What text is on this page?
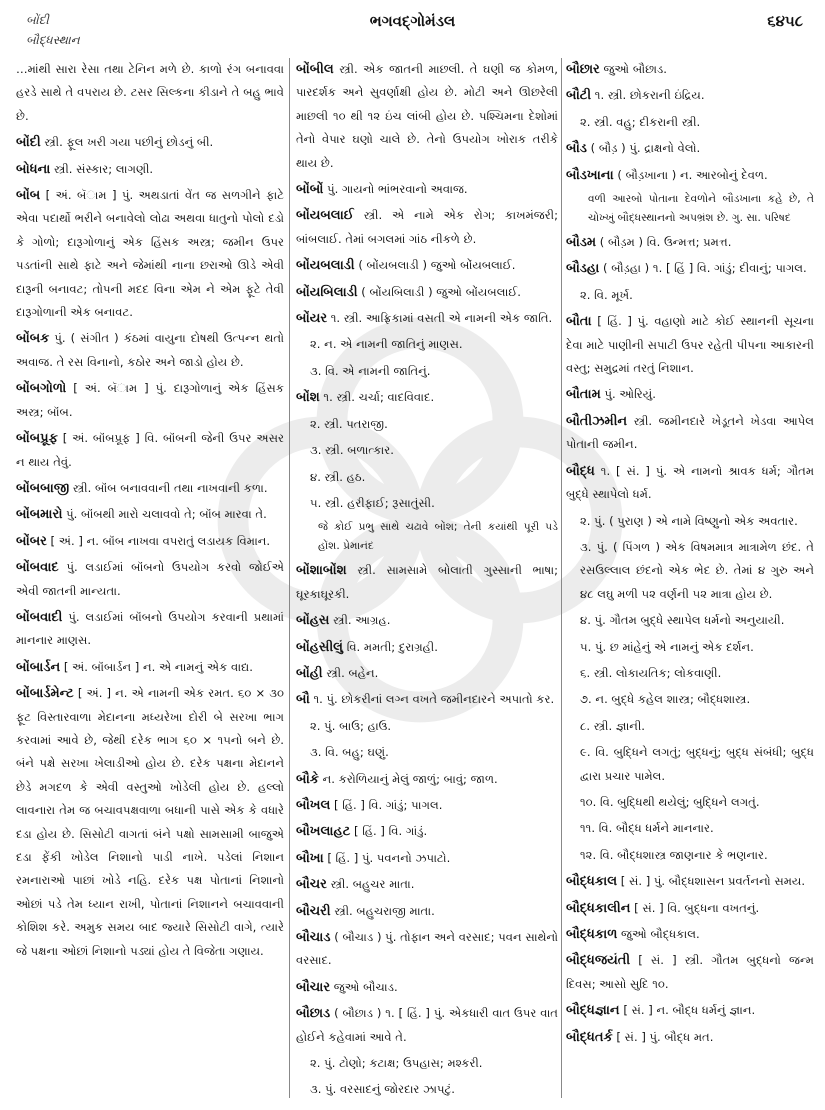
બોંદી
બૌદ્ધસ્થાન
ભગવદ્ગોમંડલ	૬૪૫૮
…માંથી સારા રેસા તથા ટેનિન મળે છે. કાળો રંગ બનાવવા હરડે સાથે તે વપરાય છે. ટસર સિલ્કના કીડાને તે બહુ ભાવે છે.
બોંદી સ્ત્રી. ફૂલ ખરી ગયા પછીનું છોડનું બી.
બોધના સ્ત્રી. સંસ્કાર; લાગણી.
બોંબ [ અં. બૅામ ] પું. અથડાતાં વેંત જ સળગીને ફાટે એવા પદાર્થો ભરીને બનાવેલો લોઢા અથવા ધાતુનો પોલો દડો કે ગોળો; દારૂગોળાનું એક હિંસક અસ્ત્ર; જમીન ઉપર પડતાંની સાથે ફાટે અને જેમાંથી નાના છરાઓ ઊડે એવી દારૂની બનાવટ; તોપની મદદ વિના એમ ને એમ ફૂટે તેવી દારૂગોળાની એક બનાવટ.
બોંબક પું. ( સંગીત ) કંઠમાં વાયુના દોષથી ઉત્પન્ન થતો અવાજ. તે રસ વિનાનો, કઠોર અને જાડો હોય છે.
બોંબગોળો [ અં. બૅામ ] પું. દારૂગોળાનું એક હિંસક અસ્ત્ર; બૉંબ.
બોંબપ્રૂફ [ અં. બૉંબપ્રૂફ ] વિ. બૉંબની જેની ઉપર અસર ન થાય તેવું.
બોંબબાજી સ્ત્રી. બૉંબ બનાવવાની તથા નાખવાની કળા.
બોંબમારો પું. બૉંબથી મારો ચલાવવો તે; બૉંબ મારવા તે.
બોંબર [ અં. ] ન. બૉંબ નાખવા વપરાતું લડાયક વિમાન.
બોંબવાદ પું. લડાઈમાં બૉંબનો ઉપયોગ કરવો જોઈએ એવી જાતની માન્યતા.
બોંબવાદી પું. લડાઈમાં બૉંબનો ઉપયોગ કરવાની પ્રથામાં માનનાર માણસ.
બોંબાર્ડન [ અં. બૉંબાર્ડન ] ન. એ નામનું એક વાદ્ય.
બોંબાર્ડમેન્ટ [ અં. ] ન. એ નામની એક રમત. ૬૦ × ૩૦ ફૂટ વિસ્તારવાળા મેદાનના મધ્યરેખા દોરી બે સરખા ભાગ કરવામાં આવે છે, જેથી દરેક ભાગ ૬૦ × ૧૫નો બને છે. બંને પક્ષે સરખા ખેલાડીઓ હોય છે. દરેક પક્ષના મેદાનને છેડે મગદળ કે એવી વસ્તુઓ ખોડેલી હોય છે. હલ્લો લાવનારા તેમ જ બચાવપક્ષવાળા બધાની પાસે એક કે વધારે દડા હોય છે. સિસોટી વાગતાં બંને પક્ષો સામસામી બાજુએ દડા ફેંકી ખોડેલ નિશાનો પાડી નાખે. પડેલાં નિશાન રમનારાઓ પાછાં ખોડે નહિ. દરેક પક્ષ પોતાનાં નિશાનો ઓછાં પડે તેમ ધ્યાન રાખી, પોતાનાં નિશાનને બચાવવાની કોશિશ કરે. અમુક સમય બાદ જ્યારે સિસોટી વાગે, ત્યારે જે પક્ષના ઓછાં નિશાનો પડ્યાં હોય તે વિજેતા ગણાય.
બોંબીલ સ્ત્રી. એક જાતની માછલી. તે ઘણી જ કોમળ, પારદર્શક અને સુવર્ણાક્ષી હોય છે. મોટી અને ઊછરેલી માછલી ૧૦ થી ૧૨ ઇંચ લાંબી હોય છે. પશ્ચિમના દેશોમાં તેનો વેપાર ઘણો ચાલે છે. તેનો ઉપયોગ ખોરાક તરીકે થાય છે.
બોંબોં પું. ગાયનો ભાંભરવાનો અવાજ.
બોંયબલાઈ સ્ત્રી. એ નામે એક રોગ; કાખમંજરી; બાંબલાઈ. તેમાં બગલમાં ગાંઠ નીકળે છે.
બોંયબલાડી ( બોંયબલાડી ) જુઓ બોંયબલાઈ.
બોંયબિલાડી ( બોંયબિલાડી ) જુઓ બોંયબલાઈ.
બોંયર ૧. સ્ત્રી. આફ્રિકામાં વસતી એ નામની એક જાતિ.
૨. ન. એ નામની જાતિનું માણસ.
૩. વિ. એ નામની જાતિનું.
બોંશ ૧. સ્ત્રી. ચર્ચા; વાદવિવાદ.
૨. સ્ત્રી. પતરાજી.
૩. સ્ત્રી. બળાત્કાર.
૪. સ્ત્રી. હઠ.
૫. સ્ત્રી. હરીફાઈ; રૂસાતુંસી.
જે કોઈ પ્રભુ સાથે ચઢાવે બોંશ; તેની કયાંથી પૂરી પડે હોંશ. પ્રેમાનંદ
બોંશાબોંશ સ્ત્રી. સામસામે બોલાતી ગુસ્સાની ભાષા; ઘૂરકાઘૂરકી.
બોંહસ સ્ત્રી. આગ્રહ.
બોંહસીલું વિ. મમતી; દુરાગ્રહી.
બોંહી સ્ત્રી. બહેન.
બૌ ૧. પું. છોકરીનાં લગ્ન વખતે જમીનદારને અપાતો કર.
૨. પું. બાઉ; હાઉ.
૩. વિ. બહુ; ઘણું.
બૌકે ન. કરોળિયાનું મેલું જાળું; બાવું; જાળ.
બૌખલ [ હિં. ] વિ. ગાંડું; પાગલ.
બૌખલાહટ [ હિં. ] વિ. ગાંડું.
બૌખા [ હિં. ] પું. પવનનો ઝપાટો.
બૌચર સ્ત્રી. બહુચર માતા.
બૌચરી સ્ત્રી. બહુચરાજી માતા.
બૌચાડ ( બૌચાડ ) પું. તોફાન અને વરસાદ; પવન સાથેનો વરસાદ.
બૌચાર જુઓ બૌચાડ.
બૌછાડ ( બૌછાડ ) ૧. [ હિં. ] પું. એકધારી વાત ઉપર વાત હોઈને કહેવામાં આવે તે.
૨. પું. ટોણો; કટાક્ષ; ઉપહાસ; મશ્કરી.
૩. પું. વરસાદનું જોરદાર ઝાપટું.
બૌછાર જુઓ બૌછાડ.
બૌટી ૧. સ્ત્રી. છોકરાની ઇંદ્રિય.
૨. સ્ત્રી. વહુ; દીકરાની સ્ત્રી.
બૌડ ( બૌડ઼ ) પું. દ્રાક્ષનો વેલો.
બૌડખાના ( બૌડ઼ખાના ) ન. આરબોનું દેવળ.
વળી આરબો પોતાના દેવળોને બૌડખાના કહે છે, તે ચોખ્ખું બૌદ્ધસ્થાનનો અપભ્રંશ છે. ગુ. સા. પરિષદ
બૌડમ ( બૌડ઼મ ) વિ. ઉન્મત્ત; પ્રમત્ત.
બૌડહા ( બૌડ઼હા ) ૧. [ હિં ] વિ. ગાંડું; દીવાનું; પાગલ.
૨. વિ. મૂર્ખ.
બૌતા [ હિં. ] પું. વહાણો માટે કોઈ સ્થાનની સૂચના દેવા માટે પાણીની સપાટી ઉપર રહેતી પીપના આકારની વસ્તુ; સમુદ્રમાં તરતું નિશાન.
બૌતામ પું. ઓરિયું.
બૌતીઝમીન સ્ત્રી. જમીનદારે ખેડૂતને ખેડવા આપેલ પોતાની જમીન.
બૌદ્ધ ૧. [ સં. ] પું. એ નામનો શ્રાવક ધર્મ; ગૌતમ બુદ્ધે સ્થાપેલો ધર્મ.
૨. પું. ( પુરાણ ) એ નામે વિષ્ણુનો એક અવતાર.
૩. પું. ( પિંગળ ) એક વિષમમાત્ર માત્રામેળ છંદ. તે રસઉલ્લાલ છંદનો એક ભેદ છે. તેમાં ૪ ગુરુ અને ૪૮ લઘુ મળી ૫૨ વર્ણની ૫૨ માત્રા હોય છે.
૪. પું. ગૌતમ બુદ્ધે સ્થાપેલ ધર્મનો અનુયાયી.
૫. પું. છ માંહેનું એ નામનું એક દર્શન.
૬. સ્ત્રી. લોકાયતિક; લોકવાણી.
૭. ન. બુદ્ધે કહેલ શાસ્ત્ર; બૌદ્ધશાસ્ત્ર.
૮. સ્ત્રી. જ્ઞાની.
૯. વિ. બુદ્ધિને લગતું; બુદ્ધનું; બુદ્ધ સંબંધી; બુદ્ધ દ્વારા પ્રચાર પામેલ.
૧૦. વિ. બુદ્ધિથી થયેલું; બુદ્ધિને લગતું.
૧૧. વિ. બૌદ્ધ ધર્મને માનનાર.
૧૨. વિ. બૌદ્ધશાસ્ત્ર જાણનાર કે ભણનાર.
બૌદ્ધકાલ [ સં. ] પું. બૌદ્ધશાસન પ્રવર્તનનો સમય.
બૌદ્ધકાલીન [ સં. ] વિ. બુદ્ધના વખતનું.
બૌદ્ધકાળ જુઓ બૌદ્ધકાલ.
બૌદ્ધજયંતી [ સં. ] સ્ત્રી. ગૌતમ બુદ્ધનો જન્મ દિવસ; આસો સુદિ ૧૦.
બૌદ્ધજ્ઞાન [ સં. ] ન. બૌદ્ધ ધર્મનું જ્ઞાન.
બૌદ્ધતર્ક [ સં. ] પું. બૌદ્ધ મત.
